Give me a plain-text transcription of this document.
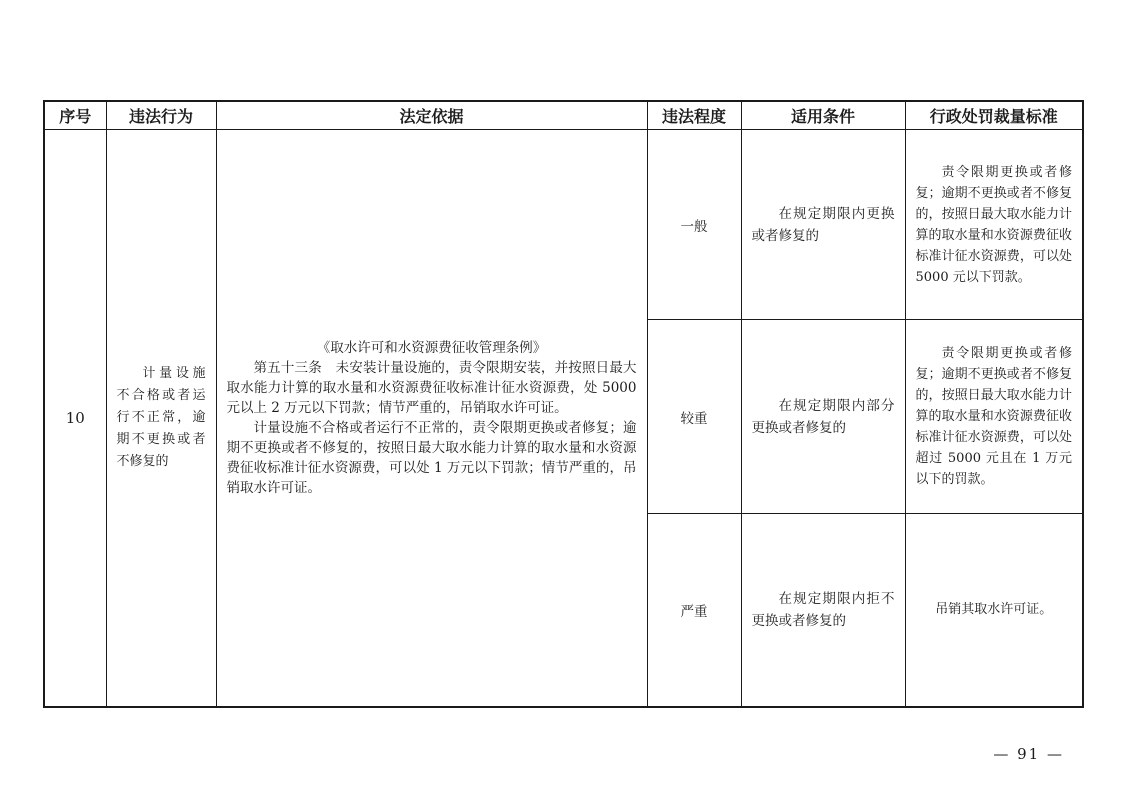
序号	违法行为	法定依据	违法程度	适用条件	行政处罚裁量标准
10	计量设施不合格或者运行不正常，逾期不更换或者不修复的	《取水许可和水资源费征收管理条例》

第五十三条　未安装计量设施的，责令限期安装，并按照日最大取水能力计算的取水量和水资源费征收标准计征水资源费，处 5000 元以上 2 万元以下罚款；情节严重的，吊销取水许可证。

计量设施不合格或者运行不正常的，责令限期更换或者修复；逾期不更换或者不修复的，按照日最大取水能力计算的取水量和水资源费征收标准计征水资源费，可以处 1 万元以下罚款；情节严重的，吊销取水许可证。	一般	在规定期限内更换或者修复的	责令限期更换或者修复；逾期不更换或者不修复的，按照日最大取水能力计算的取水量和水资源费征收标准计征水资源费，可以处 5000 元以下罚款。

			较重	在规定期限内部分更换或者修复的	责令限期更换或者修复；逾期不更换或者不修复的，按照日最大取水能力计算的取水量和水资源费征收标准计征水资源费，可以处超过 5000 元且在 1 万元以下的罚款。

			严重	在规定期限内拒不更换或者修复的	吊销其取水许可证。

— 91 —
